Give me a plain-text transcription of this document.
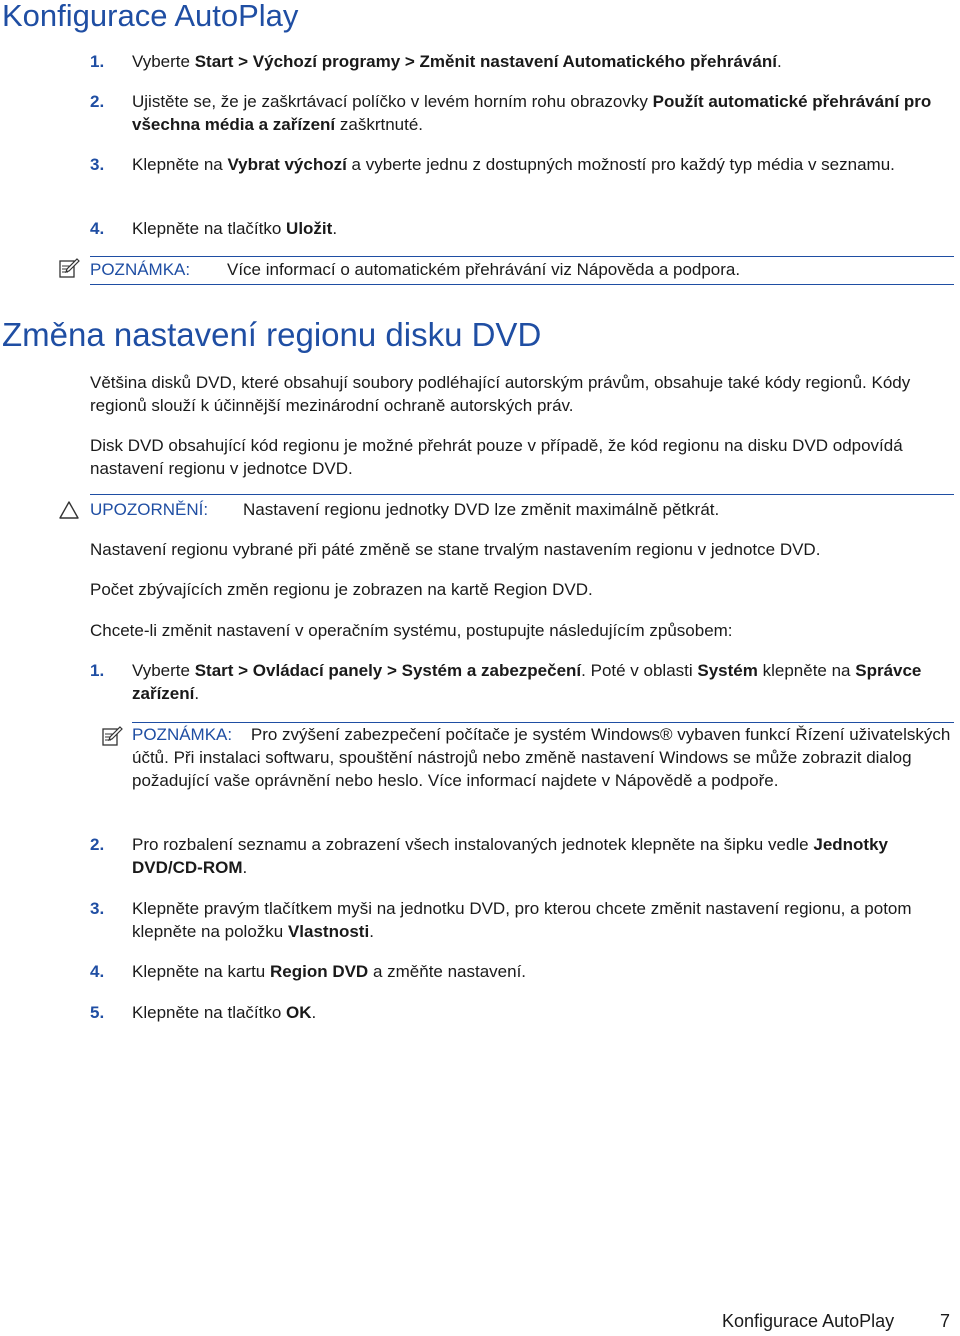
Konfigurace AutoPlay
1. Vyberte Start > Výchozí programy > Změnit nastavení Automatického přehrávání.
2. Ujistěte se, že je zaškrtávací políčko v levém horním rohu obrazovky Použít automatické přehrávání pro všechna média a zařízení zaškrtnuté.
3. Klepněte na Vybrat výchozí a vyberte jednu z dostupných možností pro každý typ média v seznamu.
4. Klepněte na tlačítko Uložit.
POZNÁMKA: Více informací o automatickém přehrávání viz Nápověda a podpora.
Změna nastavení regionu disku DVD
Většina disků DVD, které obsahují soubory podléhající autorským právům, obsahuje také kódy regionů. Kódy regionů slouží k účinnější mezinárodní ochraně autorských práv.
Disk DVD obsahující kód regionu je možné přehrát pouze v případě, že kód regionu na disku DVD odpovídá nastavení regionu v jednotce DVD.
UPOZORNĚNÍ: Nastavení regionu jednotky DVD lze změnit maximálně pětkrát.
Nastavení regionu vybrané při páté změně se stane trvalým nastavením regionu v jednotce DVD.
Počet zbývajících změn regionu je zobrazen na kartě Region DVD.
Chcete-li změnit nastavení v operačním systému, postupujte následujícím způsobem:
1. Vyberte Start > Ovládací panely > Systém a zabezpečení. Poté v oblasti Systém klepněte na Správce zařízení.
POZNÁMKA: Pro zvýšení zabezpečení počítače je systém Windows® vybaven funkcí Řízení uživatelských účtů. Při instalaci softwaru, spouštění nástrojů nebo změně nastavení Windows se může zobrazit dialog požadující vaše oprávnění nebo heslo. Více informací najdete v Nápovědě a podpoře.
2. Pro rozbalení seznamu a zobrazení všech instalovaných jednotek klepněte na šipku vedle Jednotky DVD/CD-ROM.
3. Klepněte pravým tlačítkem myši na jednotku DVD, pro kterou chcete změnit nastavení regionu, a potom klepněte na položku Vlastnosti.
4. Klepněte na kartu Region DVD a změňte nastavení.
5. Klepněte na tlačítko OK.
Konfigurace AutoPlay	7
